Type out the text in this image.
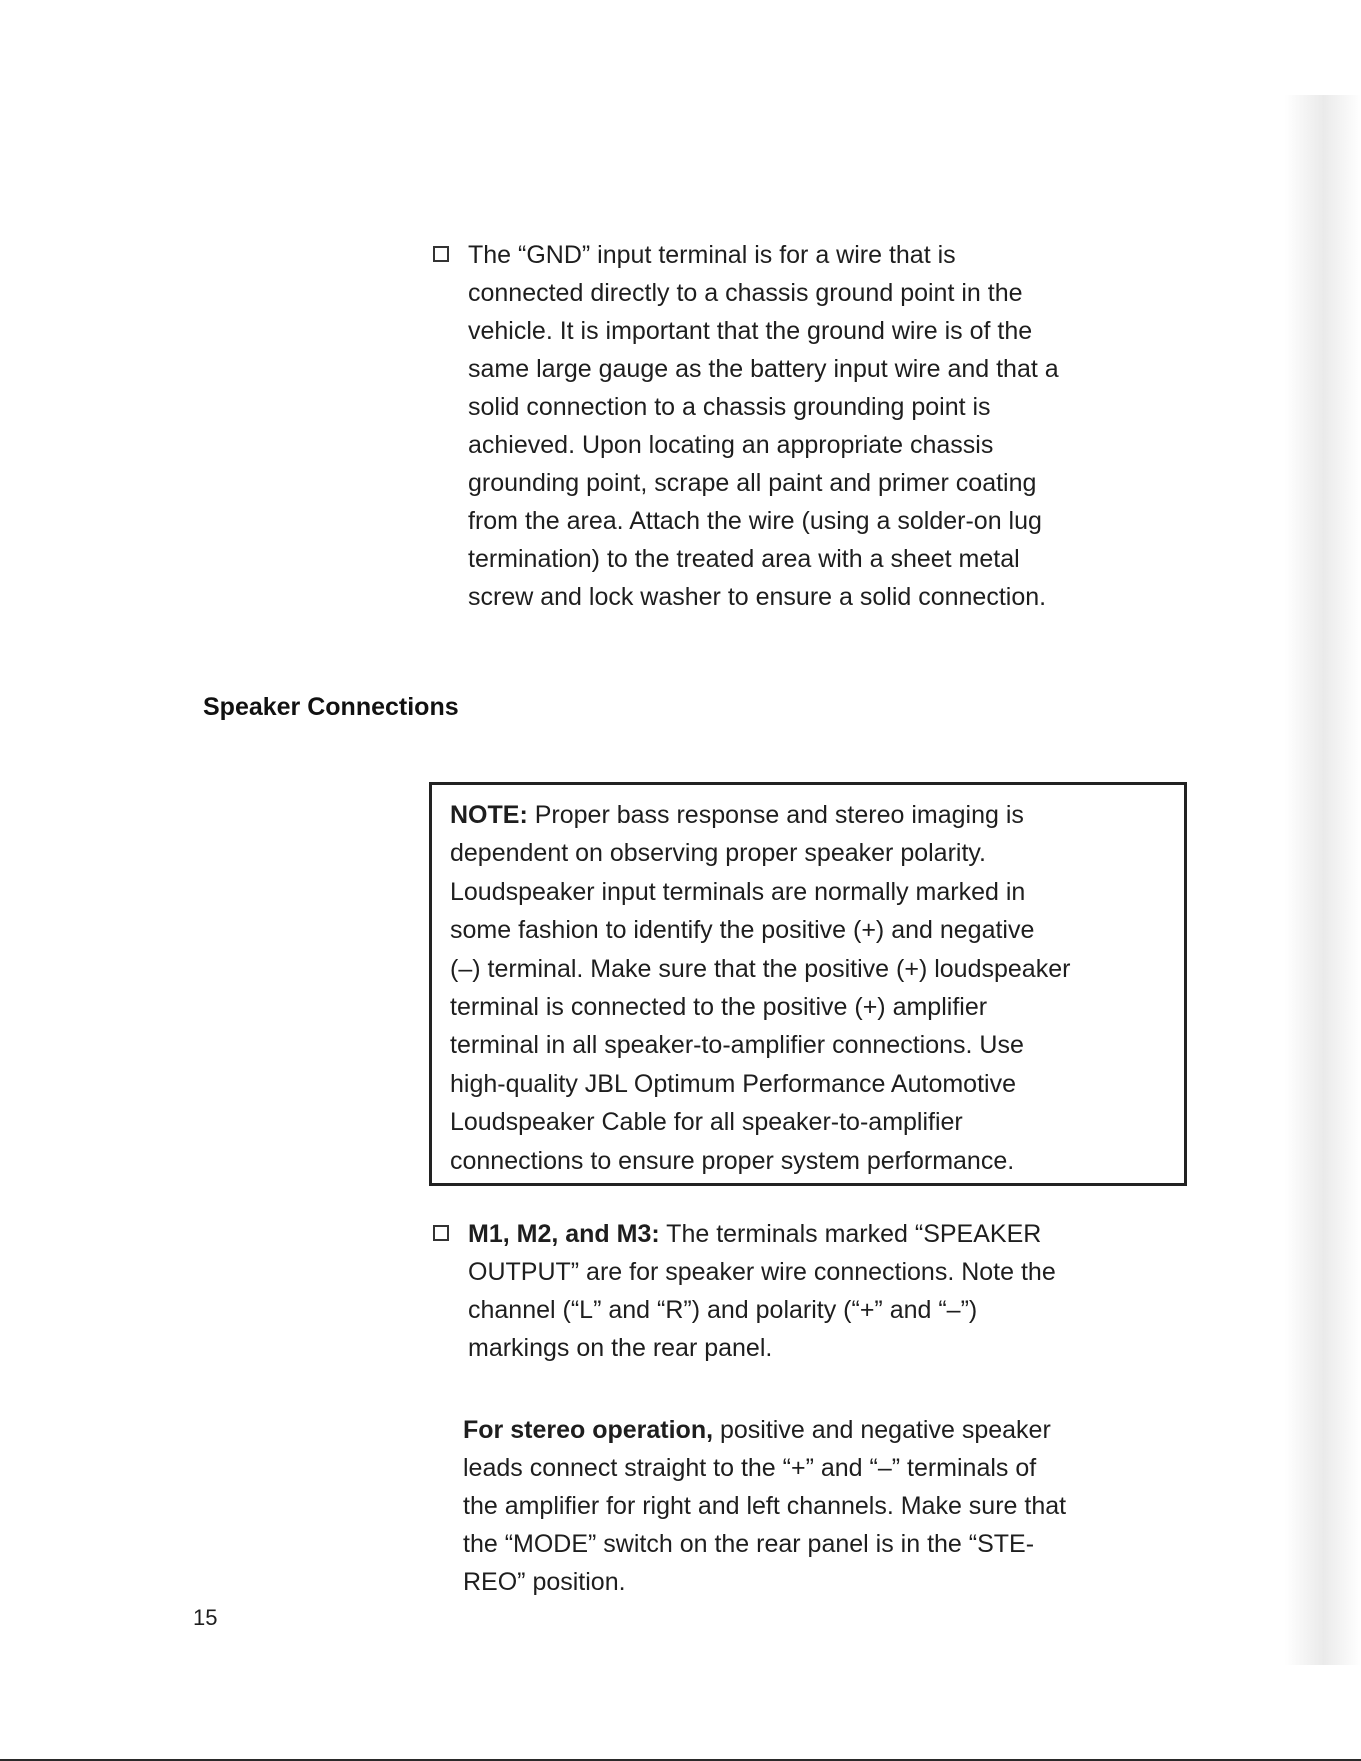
The “GND” input terminal is for a wire that is
connected directly to a chassis ground point in the
vehicle. It is important that the ground wire is of the
same large gauge as the battery input wire and that a
solid connection to a chassis grounding point is
achieved. Upon locating an appropriate chassis
grounding point, scrape all paint and primer coating
from the area. Attach the wire (using a solder-on lug
termination) to the treated area with a sheet metal
screw and lock washer to ensure a solid connection.
Speaker Connections
NOTE: Proper bass response and stereo imaging is
dependent on observing proper speaker polarity.
Loudspeaker input terminals are normally marked in
some fashion to identify the positive (+) and negative
(–) terminal. Make sure that the positive (+) loudspeaker
terminal is connected to the positive (+) amplifier
terminal in all speaker-to-amplifier connections. Use
high-quality JBL Optimum Performance Automotive
Loudspeaker Cable for all speaker-to-amplifier
connections to ensure proper system performance.
M1, M2, and M3: The terminals marked “SPEAKER
OUTPUT” are for speaker wire connections. Note the
channel (“L” and “R”) and polarity (“+” and “–”)
markings on the rear panel.
For stereo operation, positive and negative speaker
leads connect straight to the “+” and “–” terminals of
the amplifier for right and left channels. Make sure that
the “MODE” switch on the rear panel is in the “STE-
REO” position.
15
